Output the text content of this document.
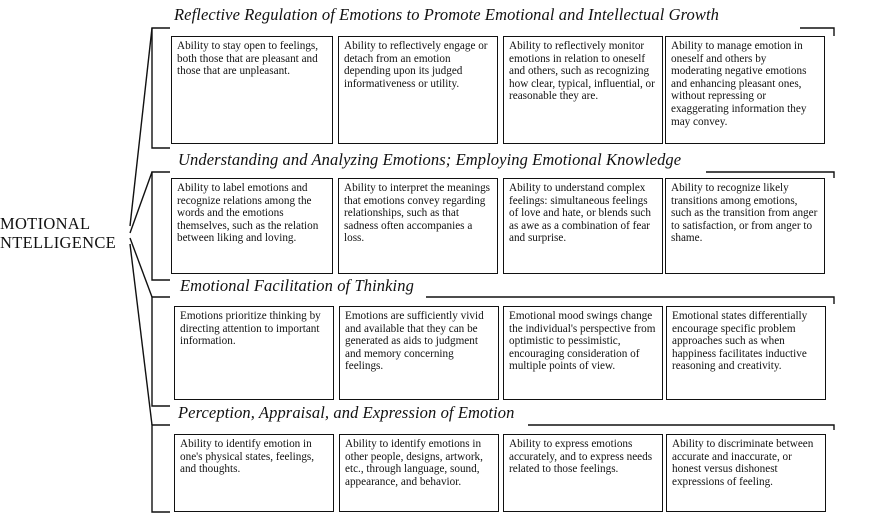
MOTIONAL
NTELLIGENCE
Reflective Regulation of Emotions to Promote Emotional and Intellectual Growth
Ability to stay open to feelings, both those that are pleasant and those that are unpleasant.
Ability to reflectively engage or detach from an emotion depending upon its judged informativeness or utility.
Ability to reflectively monitor emotions in relation to oneself and others, such as recognizing how clear, typical, influential, or reasonable they are.
Ability to manage emotion in oneself and others by moderating negative emotions and enhancing pleasant ones, without repressing or exaggerating information they may convey.
Understanding and Analyzing Emotions; Employing Emotional Knowledge
Ability to label emotions and recognize relations among the words and the emotions themselves, such as the relation between liking and loving.
Ability to interpret the meanings that emotions convey regarding relationships, such as that sadness often accompanies a loss.
Ability to understand complex feelings: simultaneous feelings of love and hate, or blends such as awe as a combination of fear and surprise.
Ability to recognize likely transitions among emotions, such as the transition from anger to satisfaction, or from anger to shame.
Emotional Facilitation of Thinking
Emotions prioritize thinking by directing attention to important information.
Emotions are sufficiently vivid and available that they can be generated as aids to judgment and memory concerning feelings.
Emotional mood swings change the individual's perspective from optimistic to pessimistic, encouraging consideration of multiple points of view.
Emotional states differentially encourage specific problem approaches such as when happiness facilitates inductive reasoning and creativity.
Perception, Appraisal, and Expression of Emotion
Ability to identify emotion in one's physical states, feelings, and thoughts.
Ability to identify emotions in other people, designs, artwork, etc., through language, sound, appearance, and behavior.
Ability to express emotions accurately, and to express needs related to those feelings.
Ability to discriminate between accurate and inaccurate, or honest versus dishonest expressions of feeling.
